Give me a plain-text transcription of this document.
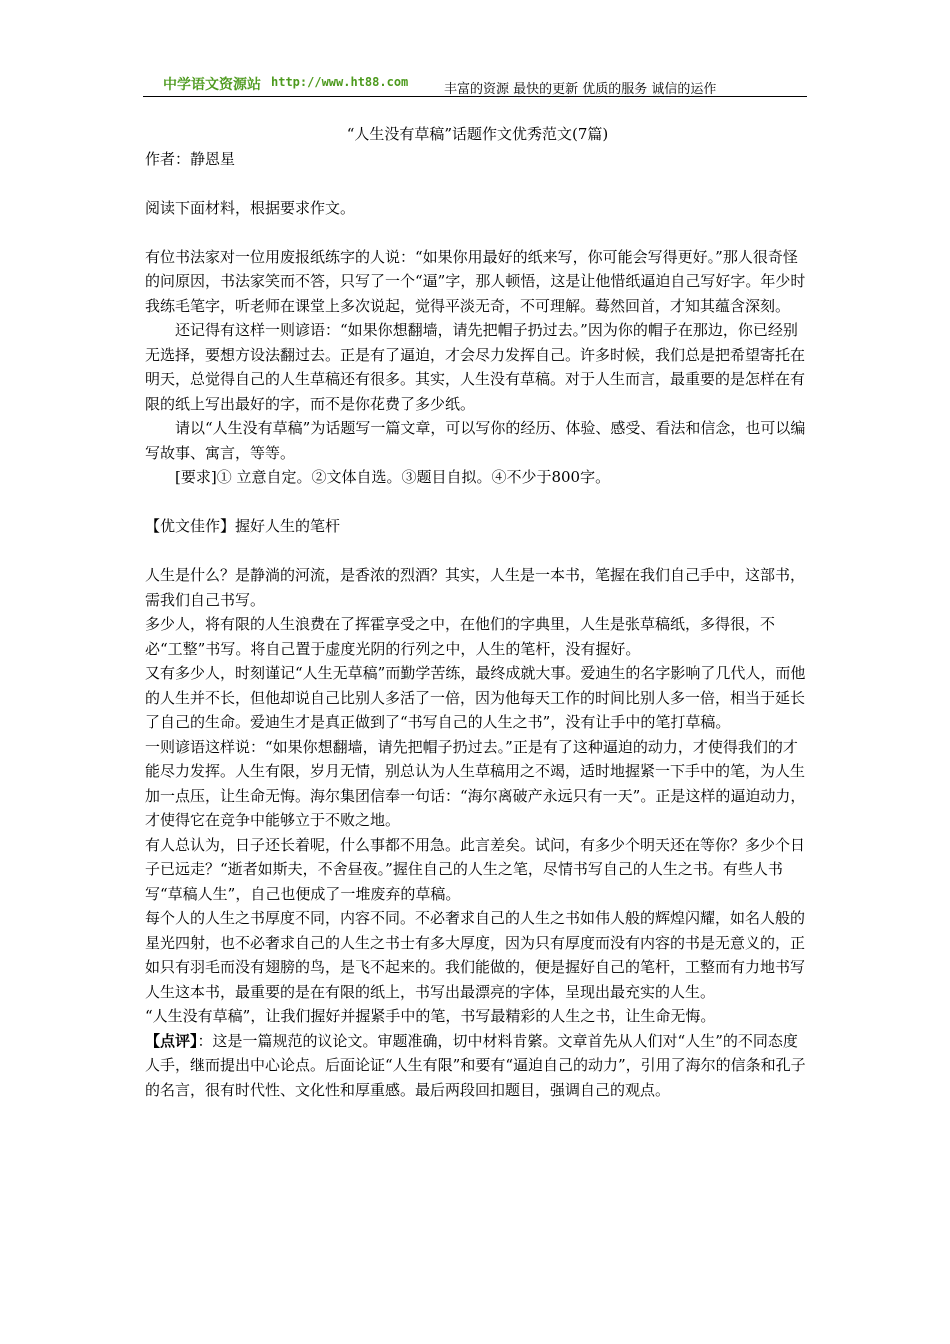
中学语文资源站 http://www.ht88.com	丰富的资源 最快的更新 优质的服务 诚信的运作

“人生没有草稿”话题作文优秀范文(7篇)

作者：静恩星

阅读下面材料，根据要求作文。

有位书法家对一位用废报纸练字的人说：“如果你用最好的纸来写，你可能会写得更好。”那人很奇怪的问原因，书法家笑而不答，只写了一个“逼”字，那人顿悟，这是让他惜纸逼迫自己写好字。年少时我练毛笔字，听老师在课堂上多次说起，觉得平淡无奇，不可理解。蓦然回首，才知其蕴含深刻。

还记得有这样一则谚语：“如果你想翻墙，请先把帽子扔过去。”因为你的帽子在那边，你已经别无选择，要想方设法翻过去。正是有了逼迫，才会尽力发挥自己。许多时候，我们总是把希望寄托在明天，总觉得自己的人生草稿还有很多。其实，人生没有草稿。对于人生而言，最重要的是怎样在有限的纸上写出最好的字，而不是你花费了多少纸。

请以“人生没有草稿”为话题写一篇文章，可以写你的经历、体验、感受、看法和信念，也可以编写故事、寓言，等等。

[要求]① 立意自定。②文体自选。③题目自拟。④不少于800字。

【优文佳作】握好人生的笔杆

人生是什么？是静淌的河流，是香浓的烈酒？其实，人生是一本书，笔握在我们自己手中，这部书，需我们自己书写。

多少人，将有限的人生浪费在了挥霍享受之中，在他们的字典里，人生是张草稿纸，多得很，不必“工整”书写。将自己置于虚度光阴的行列之中，人生的笔杆，没有握好。

又有多少人，时刻谨记“人生无草稿”而勤学苦练，最终成就大事。爱迪生的名字影响了几代人，而他的人生并不长，但他却说自己比别人多活了一倍，因为他每天工作的时间比别人多一倍，相当于延长了自己的生命。爱迪生才是真正做到了“书写自己的人生之书”，没有让手中的笔打草稿。

一则谚语这样说：“如果你想翻墙，请先把帽子扔过去。”正是有了这种逼迫的动力，才使得我们的才能尽力发挥。人生有限，岁月无情，别总认为人生草稿用之不竭，适时地握紧一下手中的笔，为人生加一点压，让生命无悔。海尔集团信奉一句话：“海尔离破产永远只有一天”。正是这样的逼迫动力，才使得它在竞争中能够立于不败之地。

有人总认为，日子还长着呢，什么事都不用急。此言差矣。试问，有多少个明天还在等你？多少个日子已远走？“逝者如斯夫，不舍昼夜。”握住自己的人生之笔，尽情书写自己的人生之书。有些人书写“草稿人生”，自己也便成了一堆废弃的草稿。

每个人的人生之书厚度不同，内容不同。不必奢求自己的人生之书如伟人般的辉煌闪耀，如名人般的星光四射，也不必奢求自己的人生之书士有多大厚度，因为只有厚度而没有内容的书是无意义的，正如只有羽毛而没有翅膀的鸟，是飞不起来的。我们能做的，便是握好自己的笔杆，工整而有力地书写人生这本书，最重要的是在有限的纸上，书写出最漂亮的字体，呈现出最充实的人生。

“人生没有草稿”，让我们握好并握紧手中的笔，书写最精彩的人生之书，让生命无悔。

【点评】：这是一篇规范的议论文。审题准确，切中材料肯綮。文章首先从人们对“人生”的不同态度人手，继而提出中心论点。后面论证“人生有限”和要有“逼迫自己的动力”，引用了海尔的信条和孔子的名言，很有时代性、文化性和厚重感。最后两段回扣题目，强调自己的观点。
